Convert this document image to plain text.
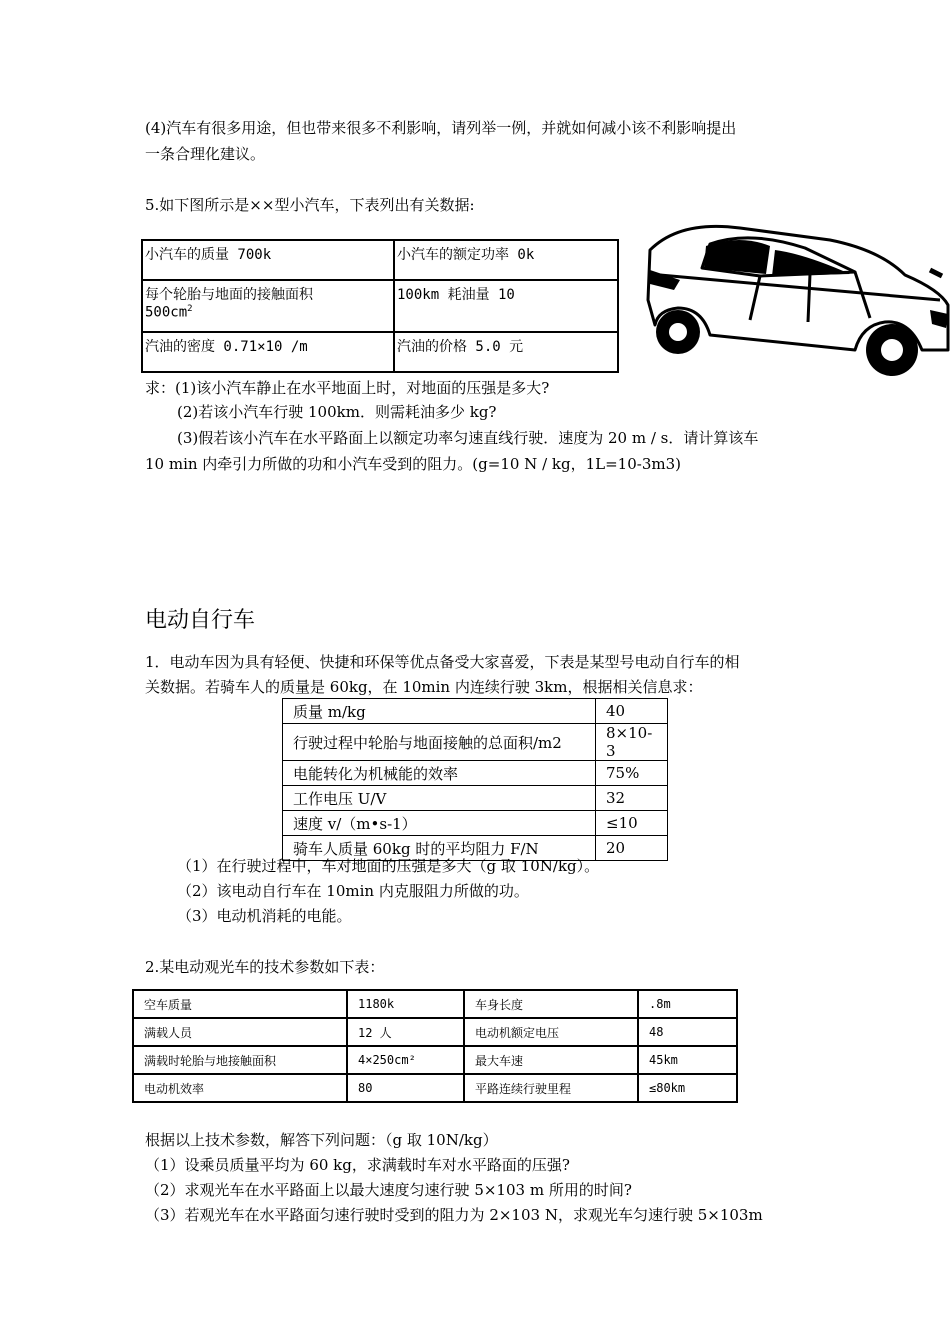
(4)汽车有很多用途，但也带来很多不利影响，请列举一例，并就如何减小该不利影响提出
一条合理化建议。
5.如下图所示是××型小汽车，下表列出有关数据:
小汽车的质量 700k	小汽车的额定功率 0k

每个轮胎与地面的接触面积
$500cm^2$	100km 耗油量 10
汽油的密度 0.71×10 /m	汽油的价格 5.0 元
求：(1)该小汽车静止在水平地面上时，对地面的压强是多大?
(2)若该小汽车行驶 100km．则需耗油多少 kg?
(3)假若该小汽车在水平路面上以额定功率匀速直线行驶．速度为 20 m / s．请计算该车
10 min 内牵引力所做的功和小汽车受到的阻力。(g=10 N / kg，1L=10-3m3)
电动自行车
1．电动车因为具有轻便、快捷和环保等优点备受大家喜爱，下表是某型号电动自行车的相
关数据。若骑车人的质量是 60kg，在 10min 内连续行驶 3km，根据相关信息求：
质量 m/kg	40
行驶过程中轮胎与地面接触的总面积/m2	8×10-3
电能转化为机械能的效率	75%
工作电压 U/V	32
速度 v/（m•s-1）	≤10
骑车人质量 60kg 时的平均阻力 F/N	20
（1）在行驶过程中，车对地面的压强是多大（g 取 10N/kg）。
（2）该电动自行车在 10min 内克服阻力所做的功。
（3）电动机消耗的电能。
2.某电动观光车的技术参数如下表：
空车质量	1180k	车身长度	.8m
满载人员	12 人	电动机额定电压	48
满载时轮胎与地接触面积	4×250cm²	最大车速	45km
电动机效率	80	平路连续行驶里程	≤80km
根据以上技术参数，解答下列问题：（g 取 10N/kg）
（1）设乘员质量平均为 60 kg，求满载时车对水平路面的压强?
（2）求观光车在水平路面上以最大速度匀速行驶 5×103 m 所用的时间?
（3）若观光车在水平路面匀速行驶时受到的阻力为 2×103 N，求观光车匀速行驶 5×103m
